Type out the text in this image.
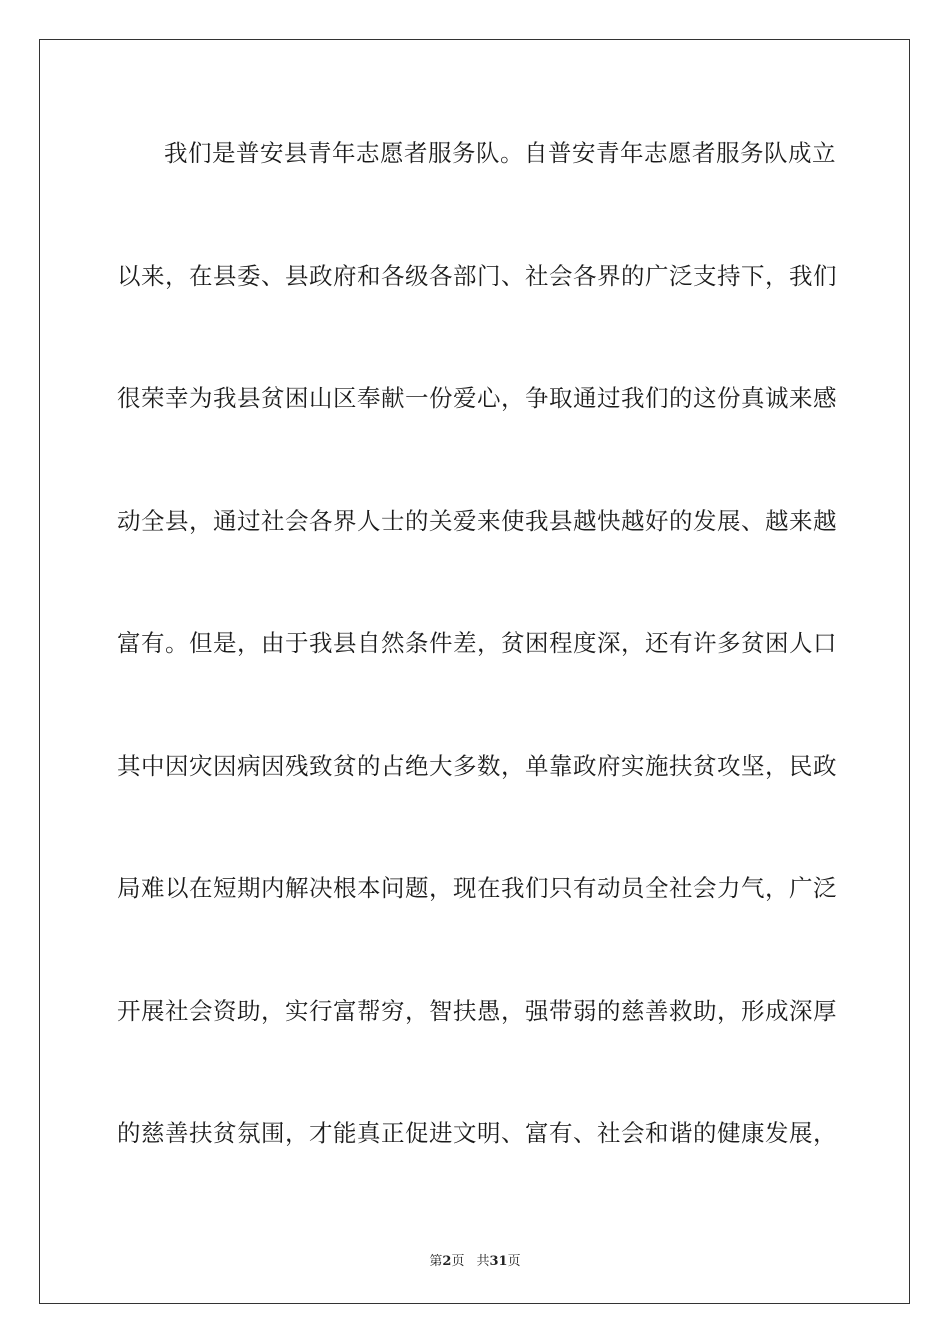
我们是普安县青年志愿者服务队。自普安青年志愿者服务队成立
以来，在县委、县政府和各级各部门、社会各界的广泛支持下，我们
很荣幸为我县贫困山区奉献一份爱心，争取通过我们的这份真诚来感
动全县，通过社会各界人士的关爱来使我县越快越好的发展、越来越
富有。但是，由于我县自然条件差，贫困程度深，还有许多贫困人口
其中因灾因病因残致贫的占绝大多数，单靠政府实施扶贫攻坚，民政
局难以在短期内解决根本问题，现在我们只有动员全社会力气，广泛
开展社会资助，实行富帮穷，智扶愚，强带弱的慈善救助，形成深厚
的慈善扶贫氛围，才能真正促进文明、富有、社会和谐的健康发展，
第2页 共31页
